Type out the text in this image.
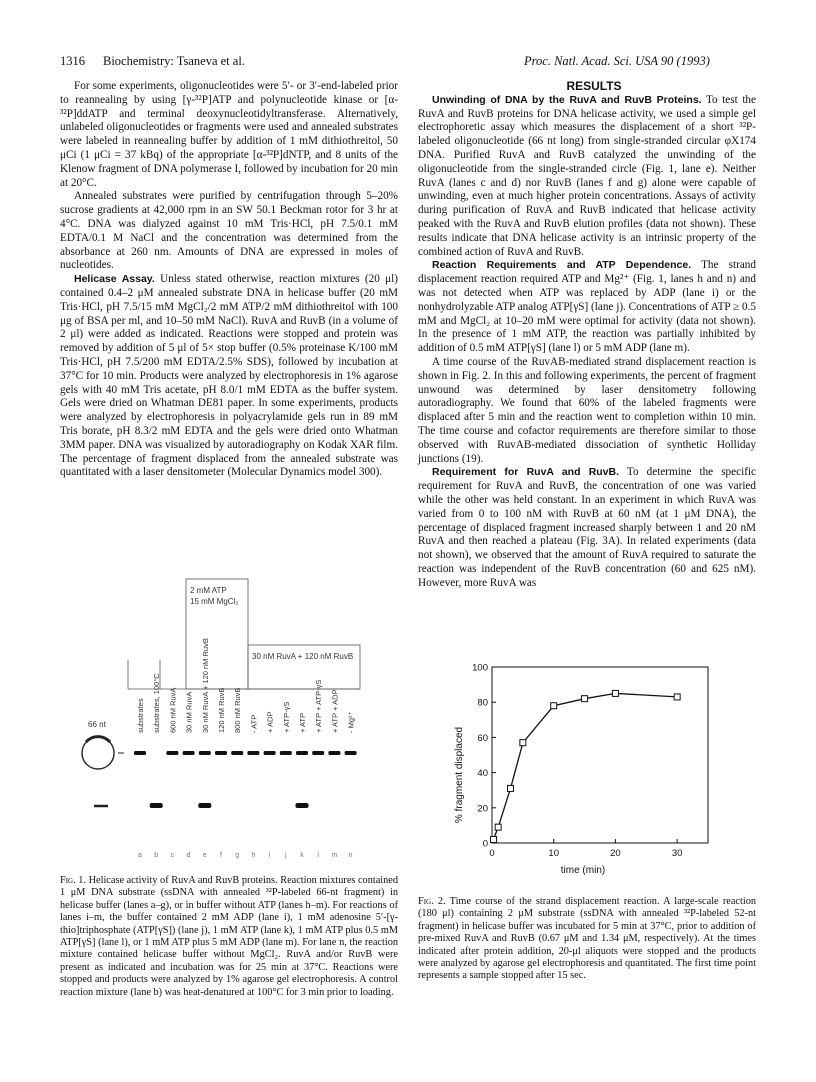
1316 Biochemistry: Tsaneva et al.	Proc. Natl. Acad. Sci. USA 90 (1993)

For some experiments, oligonucleotides were 5′- or 3′-end-labeled prior to reannealing by using [γ-³²P]ATP and polynucleotide kinase or [α-³²P]ddATP and terminal deoxynucleotidyltransferase. Alternatively, unlabeled oligonucleotides or fragments were used and annealed substrates were labeled in reannealing buffer by addition of 1 mM dithiothreitol, 50 μCi (1 μCi = 37 kBq) of the appropriate [α-³²P]dNTP, and 8 units of the Klenow fragment of DNA polymerase I, followed by incubation for 20 min at 20°C.

Annealed substrates were purified by centrifugation through 5–20% sucrose gradients at 42,000 rpm in an SW 50.1 Beckman rotor for 3 hr at 4°C. DNA was dialyzed against 10 mM Tris·HCl, pH 7.5/0.1 mM EDTA/0.1 M NaCl and the concentration was determined from the absorbance at 260 nm. Amounts of DNA are expressed in moles of nucleotides.

Helicase Assay. Unless stated otherwise, reaction mixtures (20 μl) contained 0.4–2 μM annealed substrate DNA in helicase buffer (20 mM Tris·HCl, pH 7.5/15 mM MgCl₂/2 mM ATP/2 mM dithiothreitol with 100 μg of BSA per ml, and 10–50 mM NaCl). RuvA and RuvB (in a volume of 2 μl) were added as indicated. Reactions were stopped and protein was removed by addition of 5 μl of 5× stop buffer (0.5% proteinase K/100 mM Tris·HCl, pH 7.5/200 mM EDTA/2.5% SDS), followed by incubation at 37°C for 10 min. Products were analyzed by electrophoresis in 1% agarose gels with 40 mM Tris acetate, pH 8.0/1 mM EDTA as the buffer system. Gels were dried on Whatman DE81 paper. In some experiments, products were analyzed by electrophoresis in polyacrylamide gels run in 89 mM Tris borate, pH 8.3/2 mM EDTA and the gels were dried onto Whatman 3MM paper. DNA was visualized by autoradiography on Kodak XAR film. The percentage of fragment displaced from the annealed substrate was quantitated with a laser densitometer (Molecular Dynamics model 300).

2 mM ATP
15 mM MgCl₂
30 nM RuvA + 120 nM RuvB
substrates substrates, 100°C 600 nM RuvA 30 nM RuvA 30 nM RuvA + 120 nM RuvB 120 nM RuvB 800 nM RuvB - ATP + ADP + ATP-γS + ATP + ATP + ATP-γS + ATP + ADP - Mg²⁺
66 nt
a b c d e f g h i j k l m n
Fig. 1. Helicase activity of RuvA and RuvB proteins. Reaction mixtures contained 1 μM DNA substrate (ssDNA with annealed ³²P-labeled 66-nt fragment) in helicase buffer (lanes a–g), or in buffer without ATP (lanes h–m). For reactions of lanes i–m, the buffer contained 2 mM ADP (lane i), 1 mM adenosine 5′-[γ-thio]triphosphate (ATP[γS]) (lane j), 1 mM ATP (lane k), 1 mM ATP plus 0.5 mM ATP[γS] (lane l), or 1 mM ATP plus 5 mM ADP (lane m). For lane n, the reaction mixture contained helicase buffer without MgCl₂. RuvA and/or RuvB were present as indicated and incubation was for 25 min at 37°C. Reactions were stopped and products were analyzed by 1% agarose gel electrophoresis. A control reaction mixture (lane b) was heat-denatured at 100°C for 3 min prior to loading.

RESULTS

Unwinding of DNA by the RuvA and RuvB Proteins. To test the RuvA and RuvB proteins for DNA helicase activity, we used a simple gel electrophoretic assay which measures the displacement of a short ³²P-labeled oligonucleotide (66 nt long) from single-stranded circular φX174 DNA. Purified RuvA and RuvB catalyzed the unwinding of the oligonucleotide from the single-stranded circle (Fig. 1, lane e). Neither RuvA (lanes c and d) nor RuvB (lanes f and g) alone were capable of unwinding, even at much higher protein concentrations. Assays of activity during purification of RuvA and RuvB indicated that helicase activity peaked with the RuvA and RuvB elution profiles (data not shown). These results indicate that DNA helicase activity is an intrinsic property of the combined action of RuvA and RuvB.

Reaction Requirements and ATP Dependence. The strand displacement reaction required ATP and Mg²⁺ (Fig. 1, lanes h and n) and was not detected when ATP was replaced by ADP (lane i) or the nonhydrolyzable ATP analog ATP[γS] (lane j). Concentrations of ATP ≥ 0.5 mM and MgCl₂ at 10–20 mM were optimal for activity (data not shown). In the presence of 1 mM ATP, the reaction was partially inhibited by addition of 0.5 mM ATP[γS] (lane l) or 5 mM ADP (lane m).

A time course of the RuvAB-mediated strand displacement reaction is shown in Fig. 2. In this and following experiments, the percent of fragment unwound was determined by laser densitometry following autoradiography. We found that 60% of the labeled fragments were displaced after 5 min and the reaction went to completion within 10 min. The time course and cofactor requirements are therefore similar to those observed with RuvAB-mediated dissociation of synthetic Holliday junctions (19).

Requirement for RuvA and RuvB. To determine the specific requirement for RuvA and RuvB, the concentration of one was varied while the other was held constant. In an experiment in which RuvA was varied from 0 to 100 nM with RuvB at 60 nM (at 1 μM DNA), the percentage of displaced fragment increased sharply between 1 and 20 nM RuvA and then reached a plateau (Fig. 3A). In related experiments (data not shown), we observed that the amount of RuvA required to saturate the reaction was independent of the RuvB concentration (60 and 625 nM). However, more RuvA was

0
20
40
60
80
100
0	10	20	30
time (min)
% fragment displaced
Fig. 2. Time course of the strand displacement reaction. A large-scale reaction (180 μl) containing 2 μM substrate (ssDNA with annealed ³²P-labeled 52-nt fragment) in helicase buffer was incubated for 5 min at 37°C, prior to addition of pre-mixed RuvA and RuvB (0.67 μM and 1.34 μM, respectively). At the times indicated after protein addition, 20-μl aliquots were stopped and the products were analyzed by agarose gel electrophoresis and quantitated. The first time point represents a sample stopped after 15 sec.
